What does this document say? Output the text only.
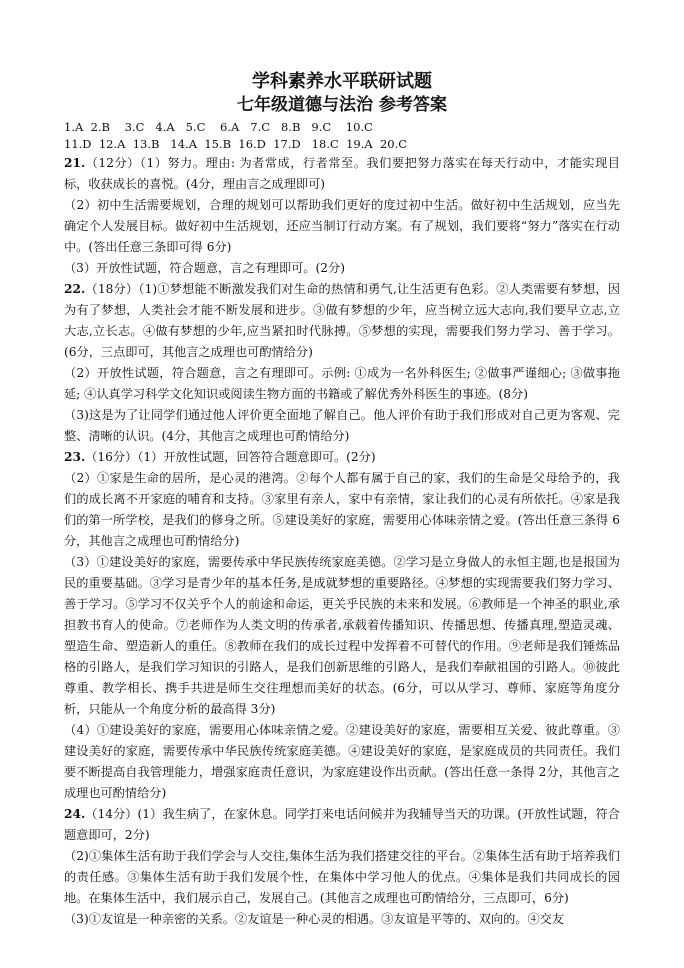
学科素养水平联研试题
七年级道德与法治 参考答案
1.A  2.B    3.C   4.A   5.C    6.A   7.C   8.B   9.C    10.C
11.D  12.A  13.B   14.A  15.B  16.D  17.D   18.C  19.A  20.C

21.（12分）（1）努力。理由: 为者常成，行者常至。我们要把努力落实在每天行动中，才能实现目标，收获成长的喜悦。(4分，理由言之成理即可)

（2）初中生活需要规划，合理的规划可以帮助我们更好的度过初中生活。做好初中生活规划，应当先确定个人发展目标。做好初中生活规划，还应当制订行动方案。有了规划，我们要将“努力”落实在行动中。(答出任意三条即可得 6分)

（3）开放性试题，符合题意，言之有理即可。(2分)

22.（18分）（1)①梦想能不断激发我们对生命的热情和勇气,让生活更有色彩。②人类需要有梦想，因为有了梦想，人类社会才能不断发展和进步。③做有梦想的少年，应当树立远大志向,我们要早立志,立大志,立长志。④做有梦想的少年,应当紧扣时代脉搏。⑤梦想的实现，需要我们努力学习、善于学习。(6分，三点即可，其他言之成理也可酌情给分)

（2）开放性试题，符合题意，言之有理即可。示例: ①成为一名外科医生; ②做事严谨细心; ③做事拖延; ④认真学习科学文化知识或阅读生物方面的书籍或了解优秀外科医生的事迹。(8分)

（3)这是为了让同学们通过他人评价更全面地了解自己。他人评价有助于我们形成对自己更为客观、完整、清晰的认识。(4分，其他言之成理也可酌情给分)

23.（16分）（1）开放性试题，回答符合题意即可。(2分)

（2）①家是生命的居所，是心灵的港湾。②每个人都有属于自己的家，我们的生命是父母给予的，我们的成长离不开家庭的哺育和支持。③家里有亲人，家中有亲情，家让我们的心灵有所依托。④家是我们的第一所学校，是我们的修身之所。⑤建设美好的家庭，需要用心体味亲情之爱。(答出任意三条得 6分，其他言之成理也可酌情给分)

（3）①建设美好的家庭，需要传承中华民族传统家庭美德。②学习是立身做人的永恒主题,也是报国为民的重要基础。③学习是青少年的基本任务,是成就梦想的重要路径。④梦想的实现需要我们努力学习、善于学习。⑤学习不仅关乎个人的前途和命运，更关乎民族的未来和发展。⑥教师是一个神圣的职业,承担教书育人的使命。⑦老师作为人类文明的传承者,承载着传播知识、传播思想、传播真理,塑造灵魂、塑造生命、塑造新人的重任。⑧教师在我们的成长过程中发挥着不可替代的作用。⑨老师是我们锤炼品格的引路人，是我们学习知识的引路人，是我们创新思维的引路人，是我们奉献祖国的引路人。⑩彼此尊重、教学相长、携手共进是师生交往理想而美好的状态。(6分，可以从学习、尊师、家庭等角度分析，只能从一个角度分析的最高得 3分)

（4）①建设美好的家庭，需要用心体味亲情之爱。②建设美好的家庭，需要相互关爱、彼此尊重。③建设美好的家庭，需要传承中华民族传统家庭美德。④建设美好的家庭，是家庭成员的共同责任。我们要不断提高自我管理能力，增强家庭责任意识，为家庭建设作出贡献。(答出任意一条得 2分，其他言之成理也可酌情给分)

24.（14分）(1）我生病了，在家休息。同学打来电话问候并为我辅导当天的功课。(开放性试题，符合题意即可，2分)

（2)①集体生活有助于我们学会与人交往,集体生活为我们搭建交往的平台。②集体生活有助于培养我们的责任感。③集体生活有助于我们发展个性，在集体中学习他人的优点。④集体是我们共同成长的园地。在集体生活中，我们展示自己，发展自己。(其他言之成理也可酌情给分，三点即可，6分)

（3)①友谊是一种亲密的关系。②友谊是一种心灵的相遇。③友谊是平等的、双向的。④交友
